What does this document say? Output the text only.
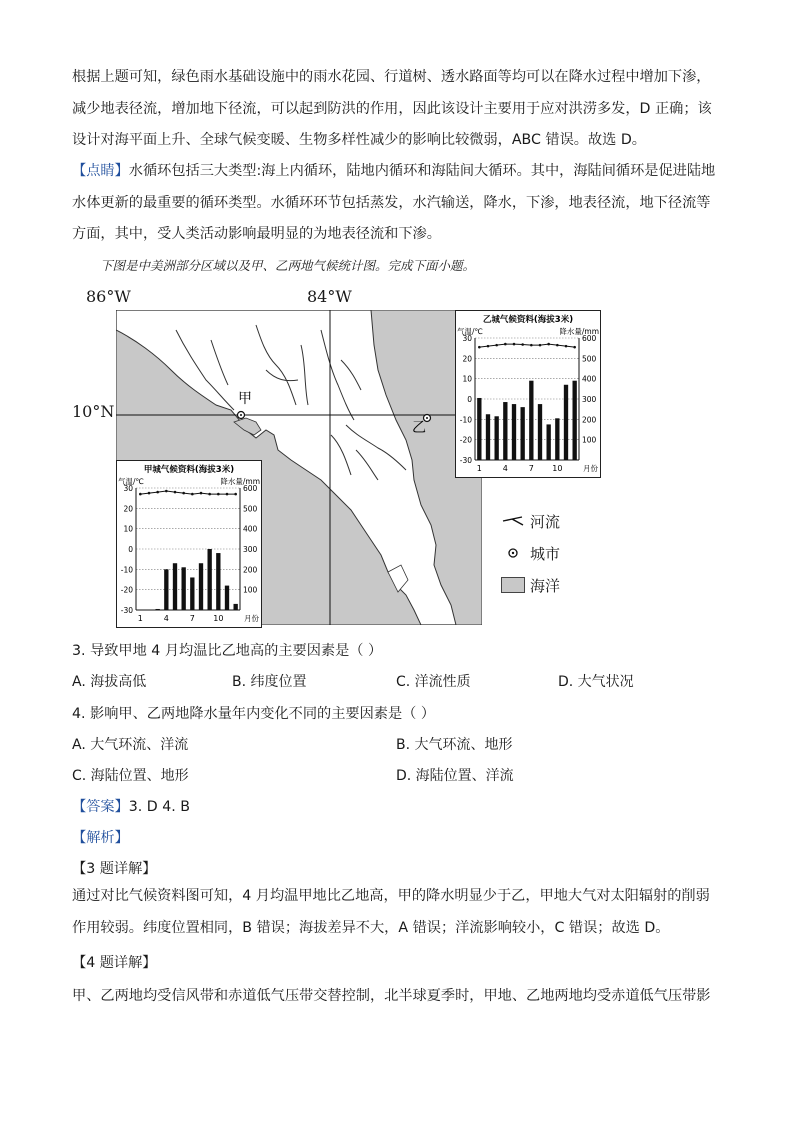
根据上题可知，绿色雨水基础设施中的雨水花园、行道树、透水路面等均可以在降水过程中增加下渗，减少地表径流，增加地下径流，可以起到防洪的作用，因此该设计主要用于应对洪涝多发，D 正确；该设计对海平面上升、全球气候变暖、生物多样性减少的影响比较微弱，ABC 错误。故选 D。

【点睛】水循环包括三大类型:海上内循环，陆地内循环和海陆间大循环。其中，海陆间循环是促进陆地水体更新的最重要的循环类型。水循环环节包括蒸发，水汽输送，降水，下渗，地表径流，地下径流等方面，其中，受人类活动影响最明显的为地表径流和下渗。

下图是中美洲部分区域以及甲、乙两地气候统计图。完成下面小题。
86°W	84°W
10°N
甲
乙
乙城气候资料(海拔3米)
气温/℃	降水量/mm
30
20
10
0
-10
-20
-30
600
500
400
300
200
100
1	4	7 10	月份
甲城气候资料(海拔3米)
气温/℃	降水量/mm
30
20
10
0
-10
-20
-30
600
500
400
300
200
100
1	4	7 10	月份
河流
城市
海洋
3. 导致甲地 4 月均温比乙地高的主要因素是（ ）
A. 海拔高低	B. 纬度位置	C. 洋流性质	D. 大气状况
4. 影响甲、乙两地降水量年内变化不同的主要因素是（ ）
A. 大气环流、洋流	B. 大气环流、地形
C. 海陆位置、地形	D. 海陆位置、洋流
【答案】3. D 4. B
【解析】
【3 题详解】

通过对比气候资料图可知，4 月均温甲地比乙地高，甲的降水明显少于乙，甲地大气对太阳辐射的削弱作用较弱。纬度位置相同，B 错误；海拔差异不大，A 错误；洋流影响较小，C 错误；故选 D。

【4 题详解】
甲、乙两地均受信风带和赤道低气压带交替控制，北半球夏季时，甲地、乙地两地均受赤道低气压带影
